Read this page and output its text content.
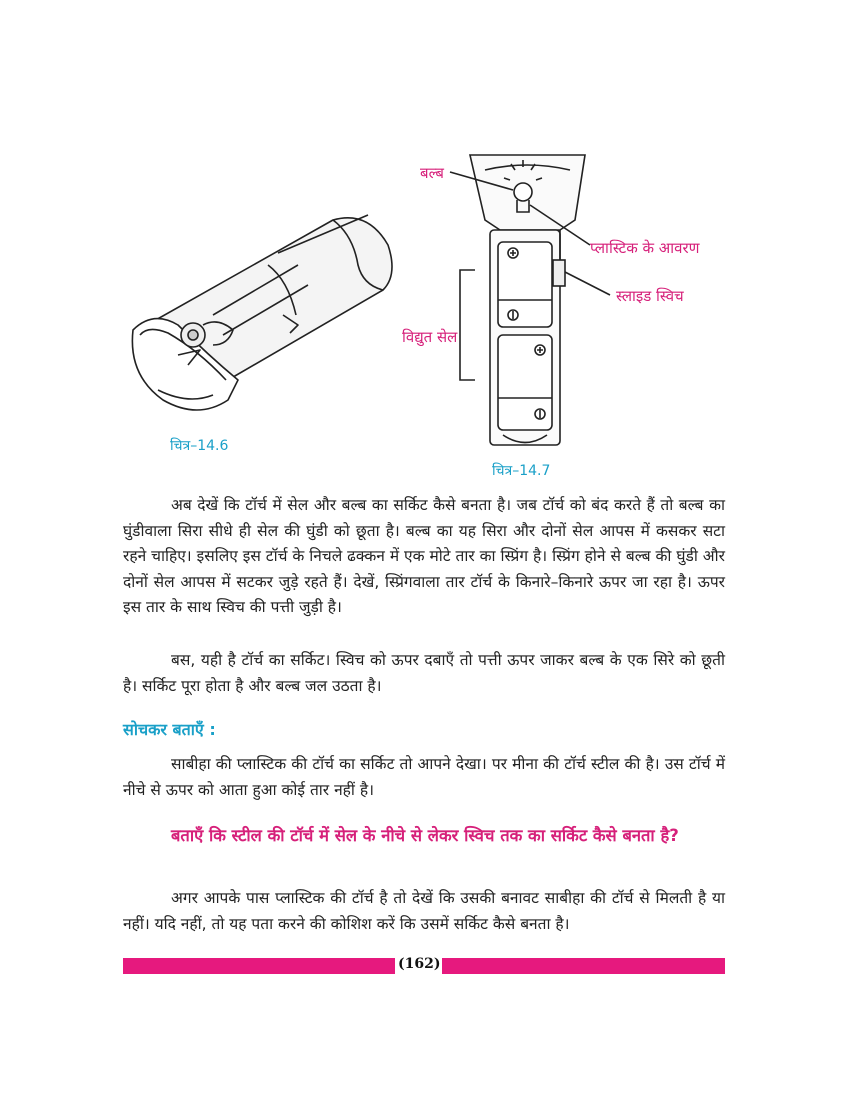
चित्र–14.6
चित्र–14.7
बल्ब
प्लास्टिक के आवरण
स्लाइड स्विच
विद्युत सेल
अब देखें कि टॉर्च में सेल और बल्ब का सर्किट कैसे बनता है। जब टॉर्च को बंद करते हैं तो बल्ब का घुंडीवाला सिरा सीधे ही सेल की घुंडी को छूता है। बल्ब का यह सिरा और दोनों सेल आपस में कसकर सटा रहने चाहिए। इसलिए इस टॉर्च के निचले ढक्कन में एक मोटे तार का स्प्रिंग है। स्प्रिंग होने से बल्ब की घुंडी और दोनों सेल आपस में सटकर जुड़े रहते हैं। देखें, स्प्रिंगवाला तार टॉर्च के किनारे–किनारे ऊपर जा रहा है। ऊपर इस तार के साथ स्विच की पत्ती जुड़ी है।
बस, यही है टॉर्च का सर्किट। स्विच को ऊपर दबाएँ तो पत्ती ऊपर जाकर बल्ब के एक सिरे को छूती है। सर्किट पूरा होता है और बल्ब जल उठता है।
सोचकर बताएँ :
साबीहा की प्लास्टिक की टॉर्च का सर्किट तो आपने देखा। पर मीना की टॉर्च स्टील की है। उस टॉर्च में नीचे से ऊपर को आता हुआ कोई तार नहीं है।
बताएँ कि स्टील की टॉर्च में सेल के नीचे से लेकर स्विच तक का सर्किट कैसे बनता है?
अगर आपके पास प्लास्टिक की टॉर्च है तो देखें कि उसकी बनावट साबीहा की टॉर्च से मिलती है या नहीं। यदि नहीं, तो यह पता करने की कोशिश करें कि उसमें सर्किट कैसे बनता है।
(162)
